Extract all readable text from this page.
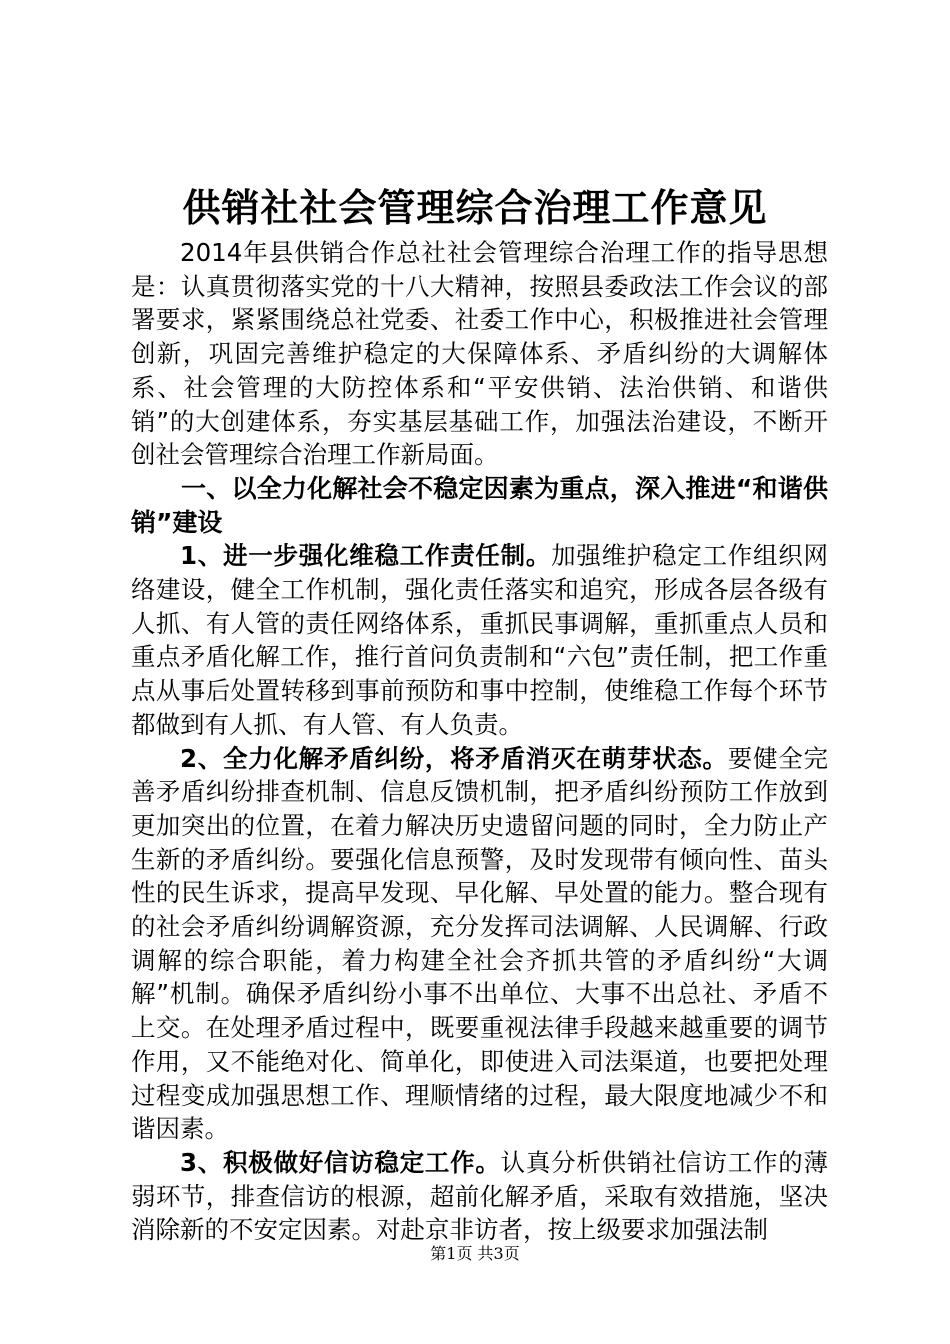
供销社社会管理综合治理工作意见

2014年县供销合作总社社会管理综合治理工作的指导思想是：认真贯彻落实党的十八大精神，按照县委政法工作会议的部署要求，紧紧围绕总社党委、社委工作中心，积极推进社会管理创新，巩固完善维护稳定的大保障体系、矛盾纠纷的大调解体系、社会管理的大防控体系和“平安供销、法治供销、和谐供销”的大创建体系，夯实基层基础工作，加强法治建设，不断开创社会管理综合治理工作新局面。

一、以全力化解社会不稳定因素为重点，深入推进“和谐供销”建设

1、进一步强化维稳工作责任制。加强维护稳定工作组织网络建设，健全工作机制，强化责任落实和追究，形成各层各级有人抓、有人管的责任网络体系，重抓民事调解，重抓重点人员和重点矛盾化解工作，推行首问负责制和“六包”责任制，把工作重点从事后处置转移到事前预防和事中控制，使维稳工作每个环节都做到有人抓、有人管、有人负责。

2、全力化解矛盾纠纷，将矛盾消灭在萌芽状态。要健全完善矛盾纠纷排查机制、信息反馈机制，把矛盾纠纷预防工作放到更加突出的位置，在着力解决历史遗留问题的同时，全力防止产生新的矛盾纠纷。要强化信息预警，及时发现带有倾向性、苗头性的民生诉求，提高早发现、早化解、早处置的能力。整合现有的社会矛盾纠纷调解资源，充分发挥司法调解、人民调解、行政调解的综合职能，着力构建全社会齐抓共管的矛盾纠纷“大调解”机制。确保矛盾纠纷小事不出单位、大事不出总社、矛盾不上交。在处理矛盾过程中，既要重视法律手段越来越重要的调节作用，又不能绝对化、简单化，即使进入司法渠道，也要把处理过程变成加强思想工作、理顺情绪的过程，最大限度地减少不和谐因素。

3、积极做好信访稳定工作。认真分析供销社信访工作的薄弱环节，排查信访的根源，超前化解矛盾，采取有效措施，坚决消除新的不安定因素。对赴京非访者，按上级要求加强法制

第1页 共3页
